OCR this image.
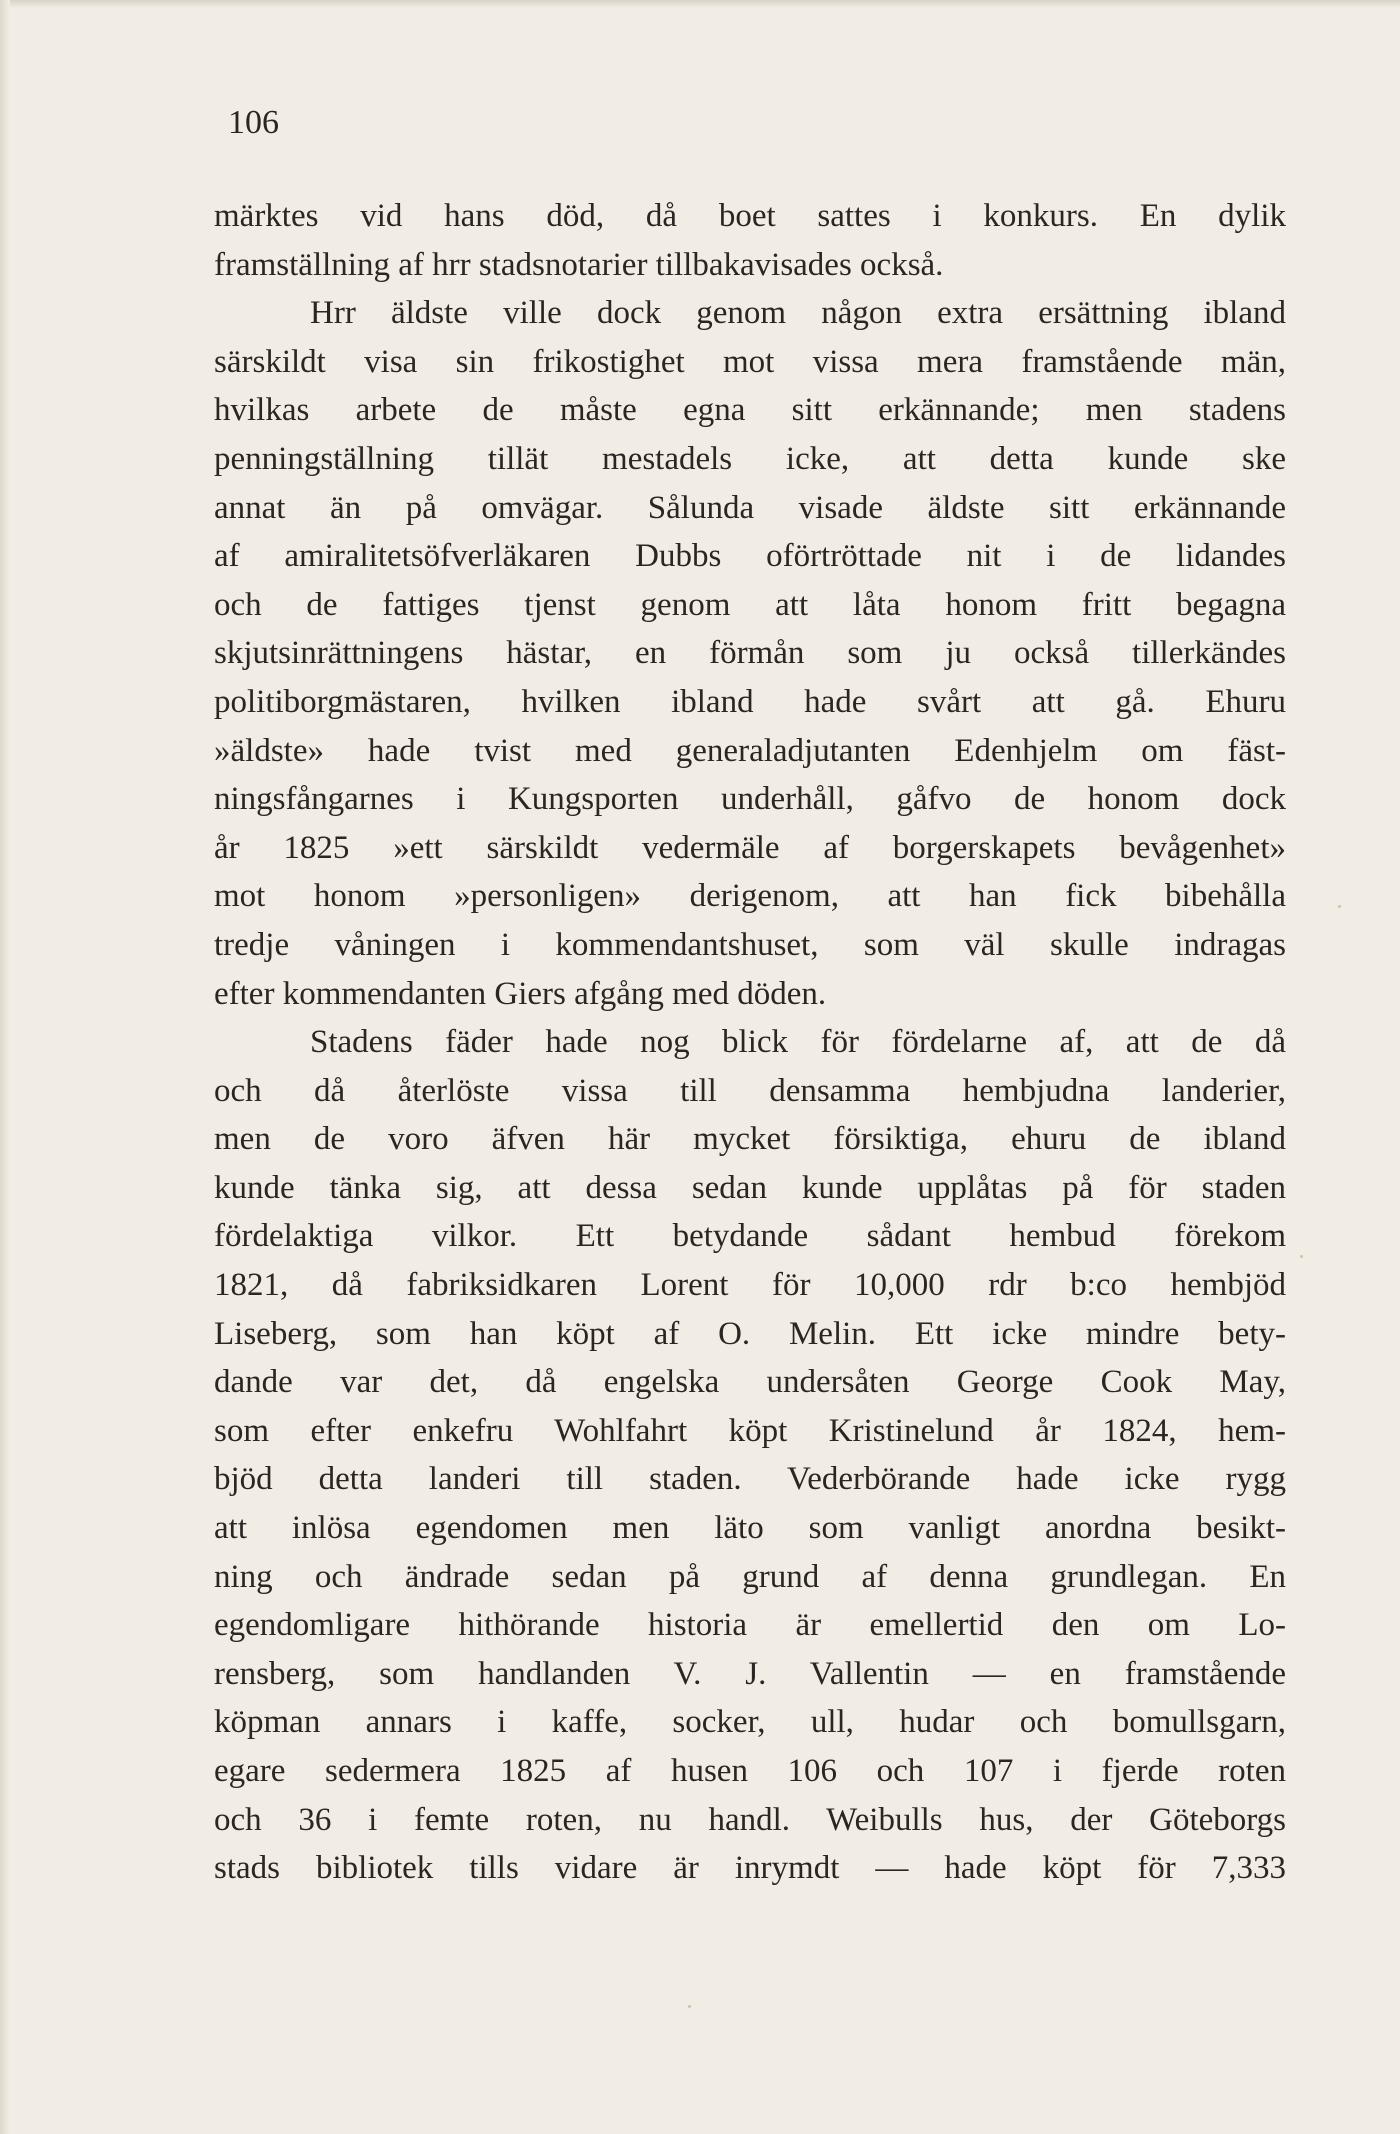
106

märktes vid hans död, då boet sattes i konkurs. En dylik
framställning af hrr stadsnotarier tillbakavisades också.
Hrr äldste ville dock genom någon extra ersättning ibland
särskildt visa sin frikostighet mot vissa mera framstående män,
hvilkas arbete de måste egna sitt erkännande; men stadens
penningställning tillät mestadels icke, att detta kunde ske
annat än på omvägar. Sålunda visade äldste sitt erkännande
af amiralitetsöfverläkaren Dubbs oförtröttade nit i de lidandes
och de fattiges tjenst genom att låta honom fritt begagna
skjutsinrättningens hästar, en förmån som ju också tillerkändes
politiborgmästaren, hvilken ibland hade svårt att gå. Ehuru
»äldste» hade tvist med generaladjutanten Edenhjelm om fäst-
ningsfångarnes i Kungsporten underhåll, gåfvo de honom dock
år 1825 »ett särskildt vedermäle af borgerskapets bevågenhet»
mot honom »personligen» derigenom, att han fick bibehålla
tredje våningen i kommendantshuset, som väl skulle indragas
efter kommendanten Giers afgång med döden.
Stadens fäder hade nog blick för fördelarne af, att de då
och då återlöste vissa till densamma hembjudna landerier,
men de voro äfven här mycket försiktiga, ehuru de ibland
kunde tänka sig, att dessa sedan kunde upplåtas på för staden
fördelaktiga vilkor. Ett betydande sådant hembud förekom
1821, då fabriksidkaren Lorent för 10,000 rdr b:co hembjöd
Liseberg, som han köpt af O. Melin. Ett icke mindre bety-
dande var det, då engelska undersåten George Cook May,
som efter enkefru Wohlfahrt köpt Kristinelund år 1824, hem-
bjöd detta landeri till staden. Vederbörande hade icke rygg
att inlösa egendomen men läto som vanligt anordna besikt-
ning och ändrade sedan på grund af denna grundlegan. En
egendomligare hithörande historia är emellertid den om Lo-
rensberg, som handlanden V. J. Vallentin — en framstående
köpman annars i kaffe, socker, ull, hudar och bomullsgarn,
egare sedermera 1825 af husen 106 och 107 i fjerde roten
och 36 i femte roten, nu handl. Weibulls hus, der Göteborgs
stads bibliotek tills vidare är inrymdt — hade köpt för 7,333
